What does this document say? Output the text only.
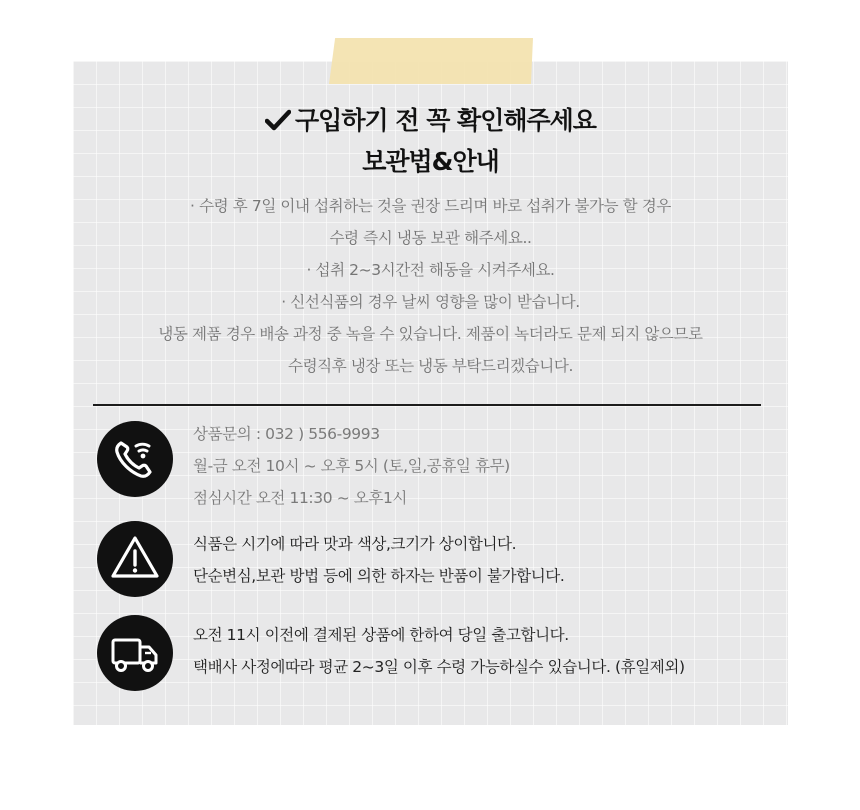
구입하기 전 꼭 확인해주세요
보관법&안내
· 수령 후 7일 이내 섭취하는 것을 권장 드리며 바로 섭취가 불가능 할 경우
수령 즉시 냉동 보관 해주세요..
· 섭취 2~3시간전 해동을 시켜주세요.
· 신선식품의 경우 날씨 영향을 많이 받습니다.
냉동 제품 경우 배송 과정 중 녹을 수 있습니다. 제품이 녹더라도 문제 되지 않으므로
수령직후 냉장 또는 냉동 부탁드리겠습니다.
상품문의 : 032 ) 556-9993
월-금 오전 10시 ~ 오후 5시 (토,일,공휴일 휴무)
점심시간 오전 11:30 ~ 오후1시
식품은 시기에 따라 맛과 색상,크기가 상이합니다.
단순변심,보관 방법 등에 의한 하자는 반품이 불가합니다.
오전 11시 이전에 결제된 상품에 한하여 당일 출고합니다.
택배사 사정에따라 평균 2~3일 이후 수령 가능하실수 있습니다. (휴일제외)
